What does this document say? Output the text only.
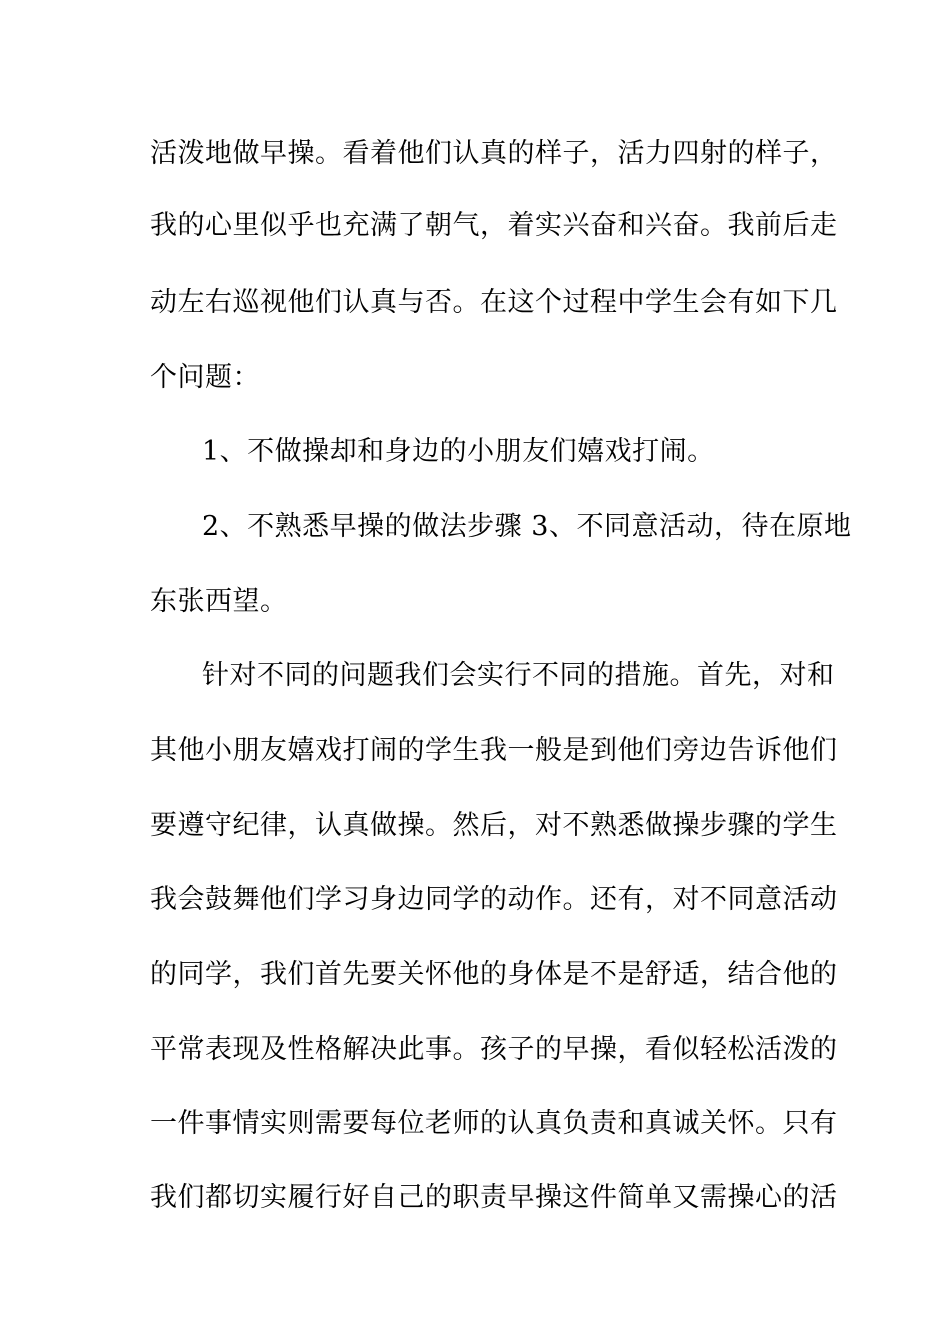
活泼地做早操。看着他们认真的样子，活力四射的样子，
我的心里似乎也充满了朝气，着实兴奋和兴奋。我前后走
动左右巡视他们认真与否。在这个过程中学生会有如下几
个问题：
1、不做操却和身边的小朋友们嬉戏打闹。
2、不熟悉早操的做法步骤 3、不同意活动，待在原地
东张西望。
针对不同的问题我们会实行不同的措施。首先，对和
其他小朋友嬉戏打闹的学生我一般是到他们旁边告诉他们
要遵守纪律，认真做操。然后，对不熟悉做操步骤的学生
我会鼓舞他们学习身边同学的动作。还有，对不同意活动
的同学，我们首先要关怀他的身体是不是舒适，结合他的
平常表现及性格解决此事。孩子的早操，看似轻松活泼的
一件事情实则需要每位老师的认真负责和真诚关怀。只有
我们都切实履行好自己的职责早操这件简单又需操心的活
